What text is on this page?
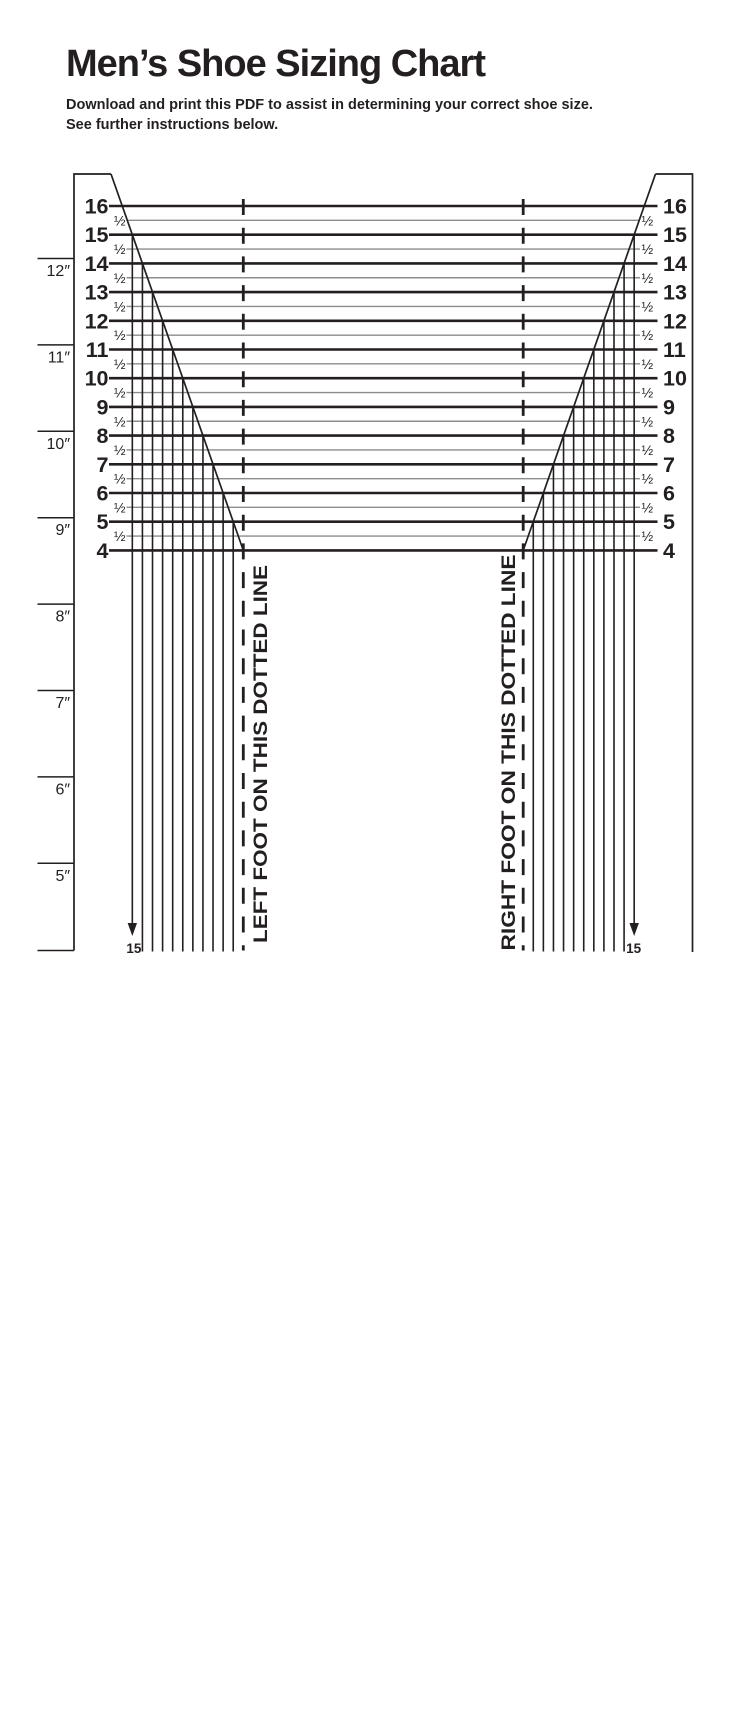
12″
11″
10″
9″
8″
7″
6″
5″
16	16
½	½
15	15
½	½
14	14
½	½
13	13
½	½
12	12
½	½
11	11
½	½
10	10
½	½
9	9
½	½
8	8
½	½
7	7
½	½
6	6
½	½
5	5
½	½
4	4
LEFT FOOT ON THIS DOTTED LINE	RIGHT FOOT ON THIS DOTTED LINE
15	15
Men’s Shoe Sizing Chart

Download and print this PDF to assist in determining your correct shoe size.

See further instructions below.
